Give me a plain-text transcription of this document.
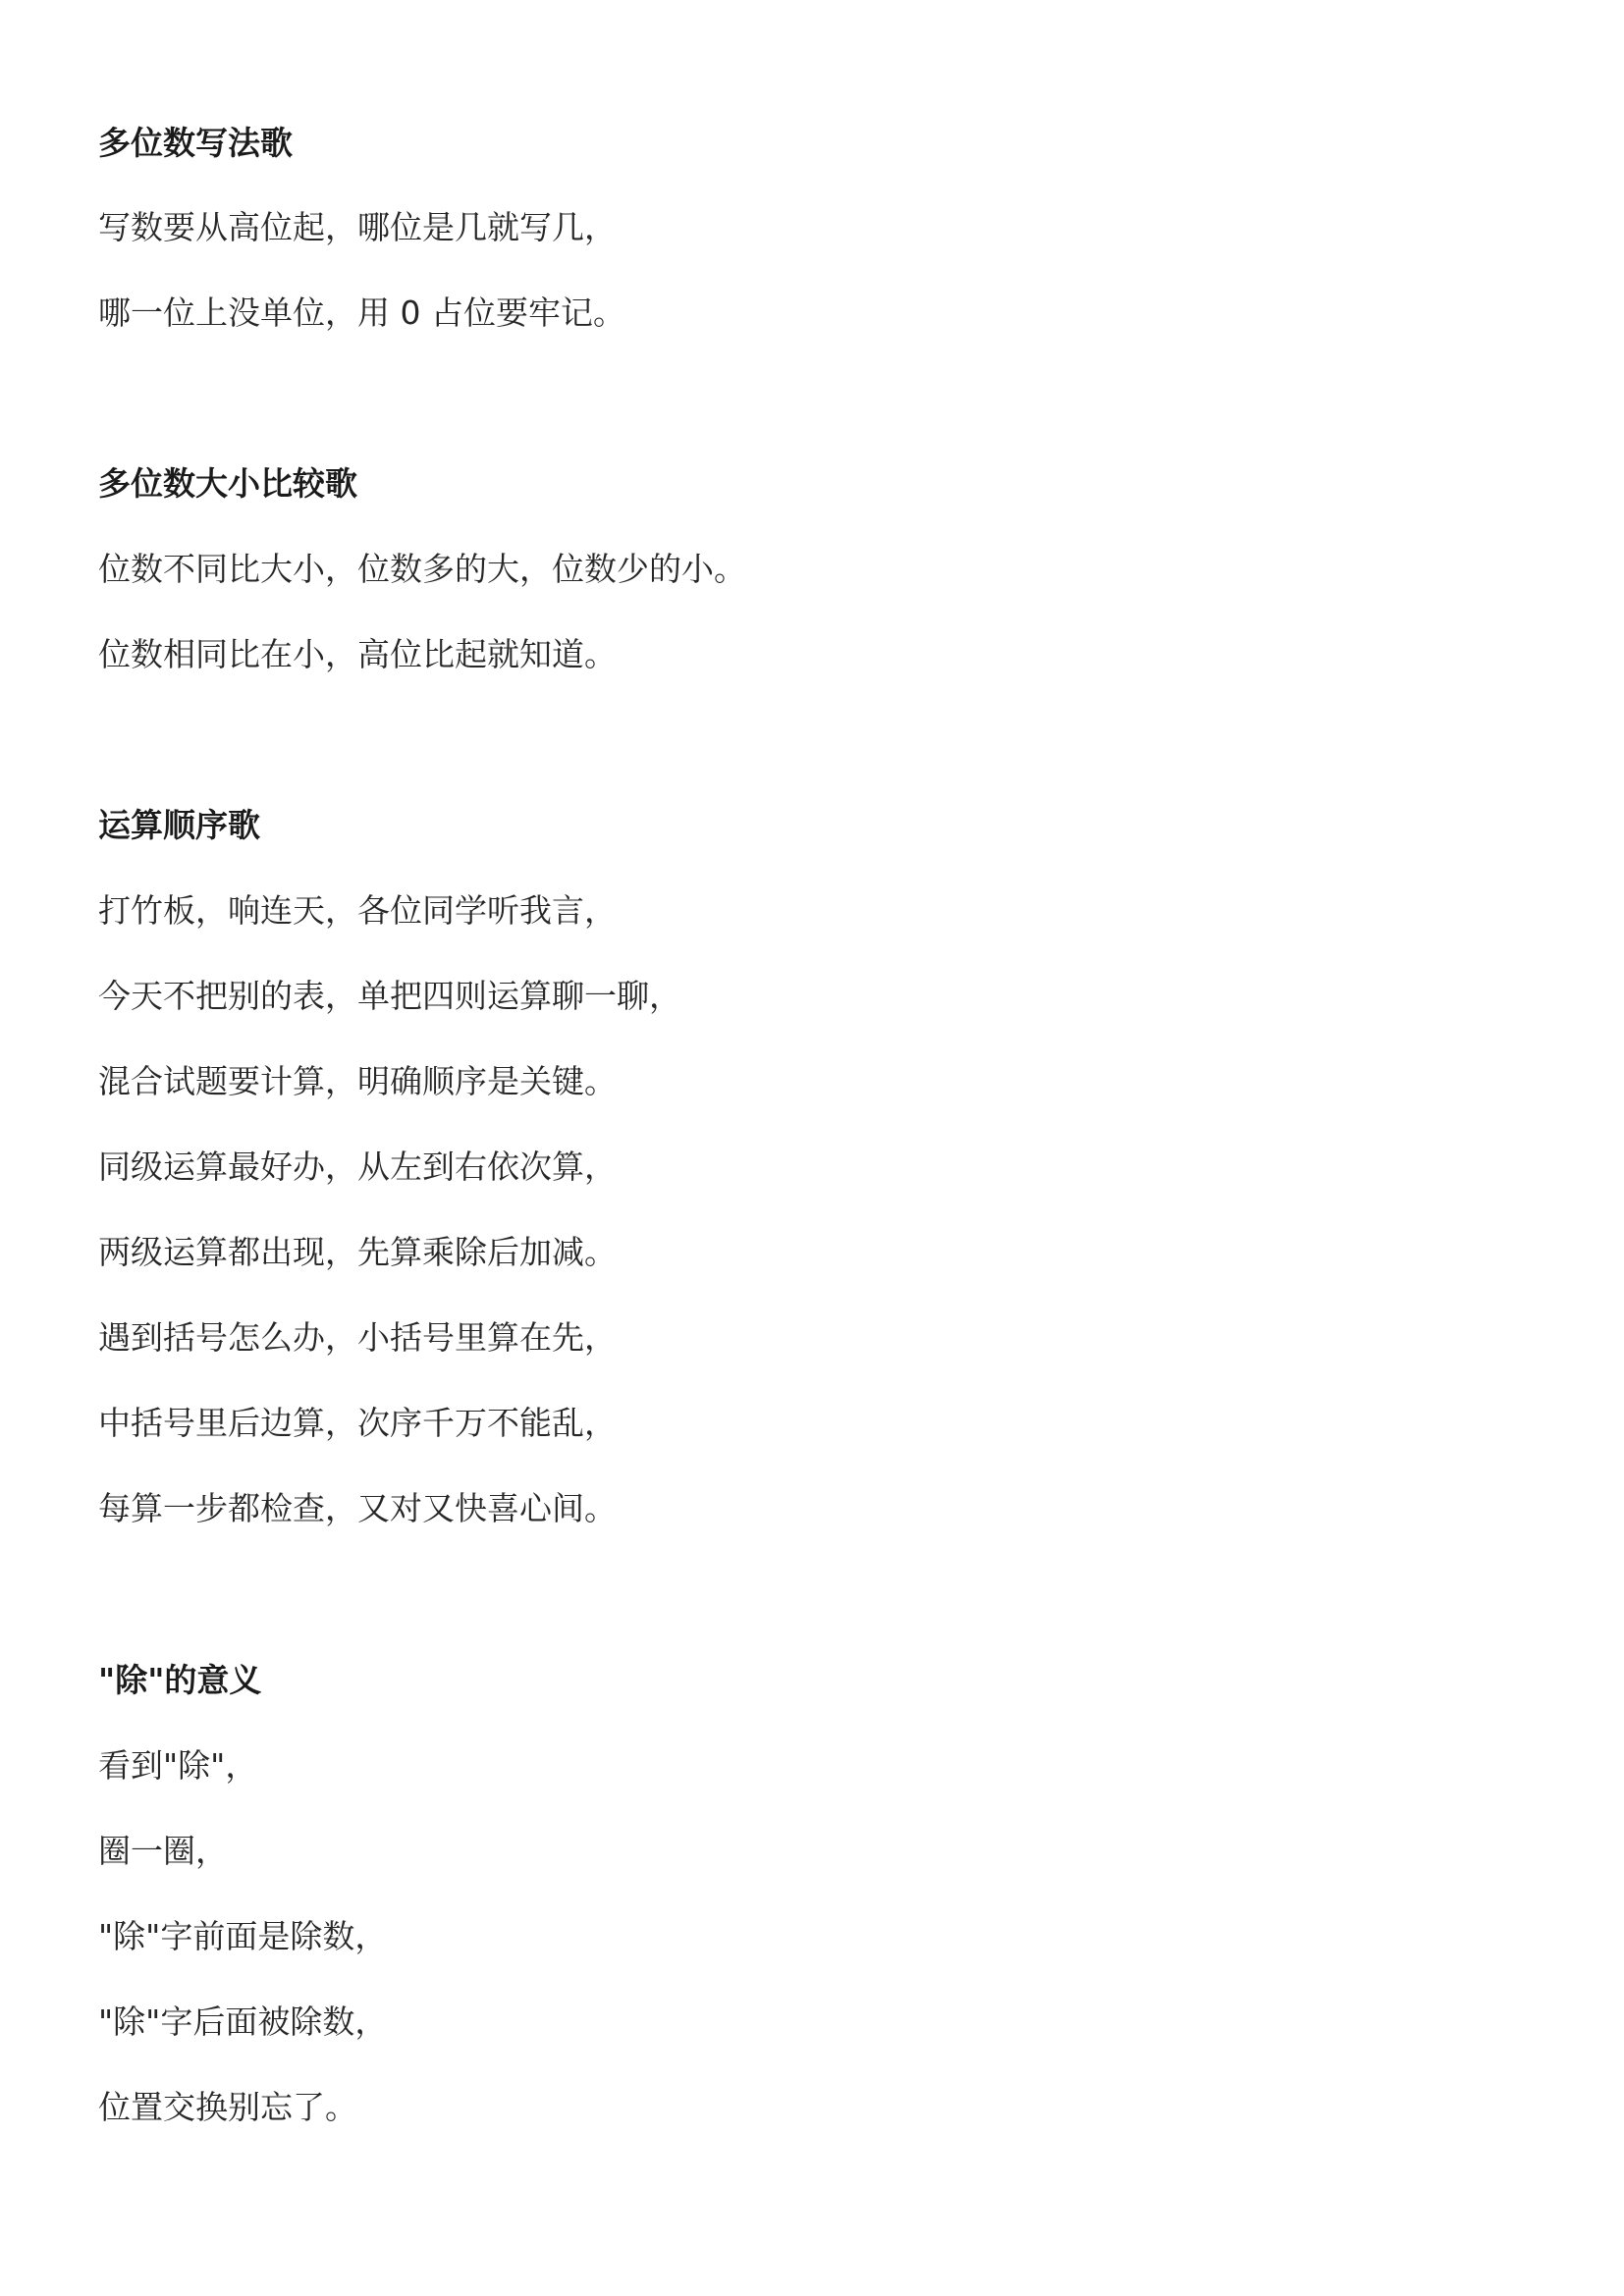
多位数写法歌

写数要从高位起，哪位是几就写几，

哪一位上没单位，用 0 占位要牢记。

多位数大小比较歌

位数不同比大小，位数多的大，位数少的小。

位数相同比在小，高位比起就知道。

运算顺序歌

打竹板，响连天，各位同学听我言，

今天不把别的表，单把四则运算聊一聊，

混合试题要计算，明确顺序是关键。

同级运算最好办，从左到右依次算，

两级运算都出现，先算乘除后加减。

遇到括号怎么办，小括号里算在先，

中括号里后边算，次序千万不能乱，

每算一步都检查，又对又快喜心间。

"除"的意义

看到"除"，

圈一圈，

"除"字前面是除数，

"除"字后面被除数，

位置交换别忘了。
